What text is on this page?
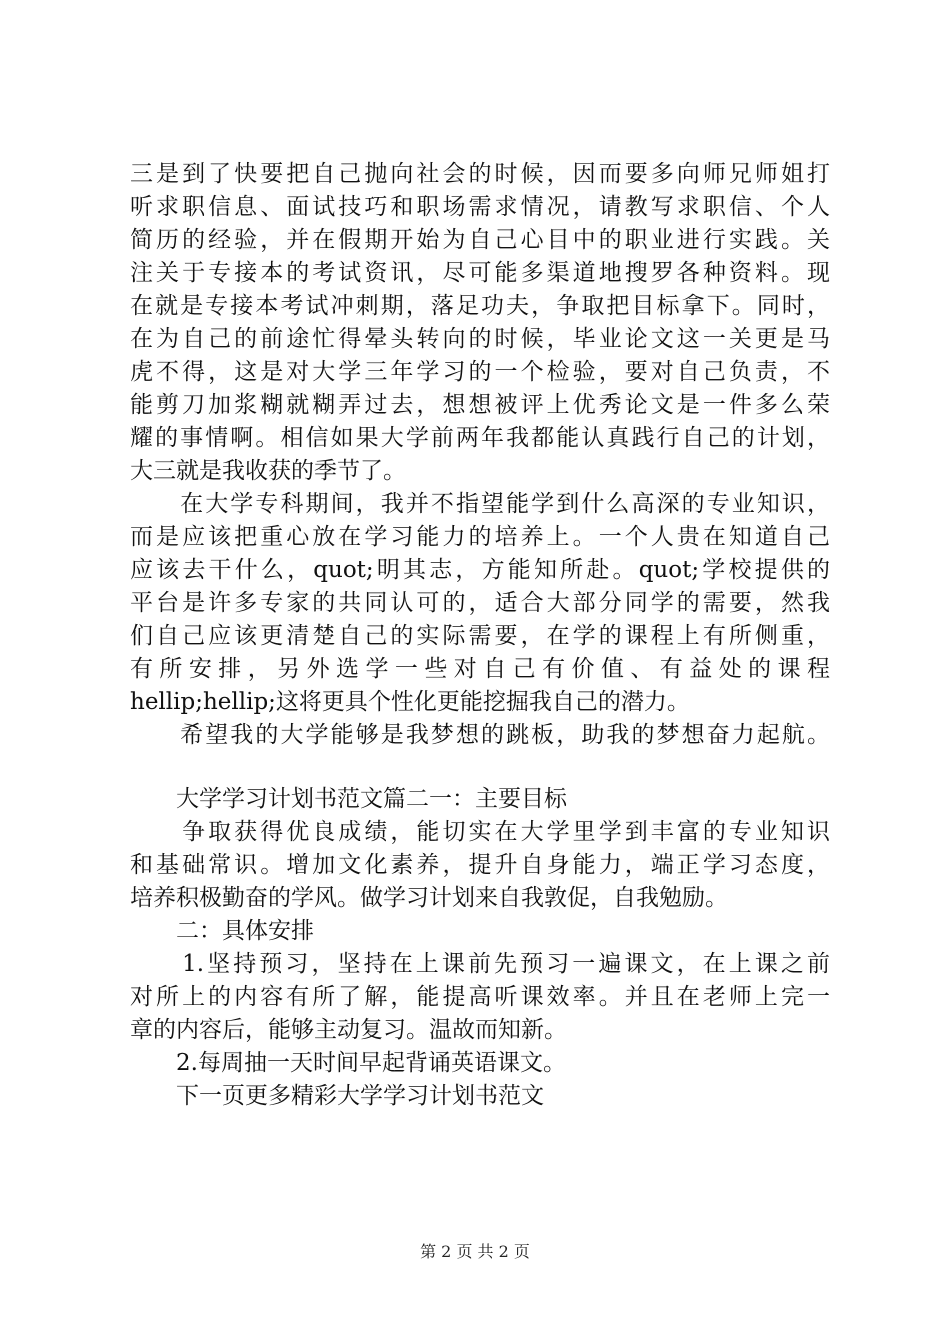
三是到了快要把自己抛向社会的时候，因而要多向师兄师姐打
听求职信息、面试技巧和职场需求情况，请教写求职信、个人
简历的经验，并在假期开始为自己心目中的职业进行实践。关
注关于专接本的考试资讯，尽可能多渠道地搜罗各种资料。现
在就是专接本考试冲刺期，落足功夫，争取把目标拿下。同时，
在为自己的前途忙得晕头转向的时候，毕业论文这一关更是马
虎不得，这是对大学三年学习的一个检验，要对自己负责，不
能剪刀加浆糊就糊弄过去，想想被评上优秀论文是一件多么荣
耀的事情啊。相信如果大学前两年我都能认真践行自己的计划，
大三就是我收获的季节了。
　　在大学专科期间，我并不指望能学到什么高深的专业知识，
而是应该把重心放在学习能力的培养上。一个人贵在知道自己
应该去干什么，quot;明其志，方能知所赴。quot;学校提供的
平台是许多专家的共同认可的，适合大部分同学的需要，然我
们自己应该更清楚自己的实际需要，在学的课程上有所侧重，
有所安排，另外选学一些对自己有价值、有益处的课程
hellip;hellip;这将更具个性化更能挖掘我自己的潜力。
　　希望我的大学能够是我梦想的跳板，助我的梦想奋力起航。
　　大学学习计划书范文篇二一：主要目标
　　争取获得优良成绩，能切实在大学里学到丰富的专业知识
和基础常识。增加文化素养，提升自身能力，端正学习态度，
培养积极勤奋的学风。做学习计划来自我敦促，自我勉励。
　　二：具体安排
　　1.坚持预习，坚持在上课前先预习一遍课文，在上课之前
对所上的内容有所了解，能提高听课效率。并且在老师上完一
章的内容后，能够主动复习。温故而知新。
　　2.每周抽一天时间早起背诵英语课文。
　　下一页更多精彩大学学习计划书范文
第 2 页 共 2 页
